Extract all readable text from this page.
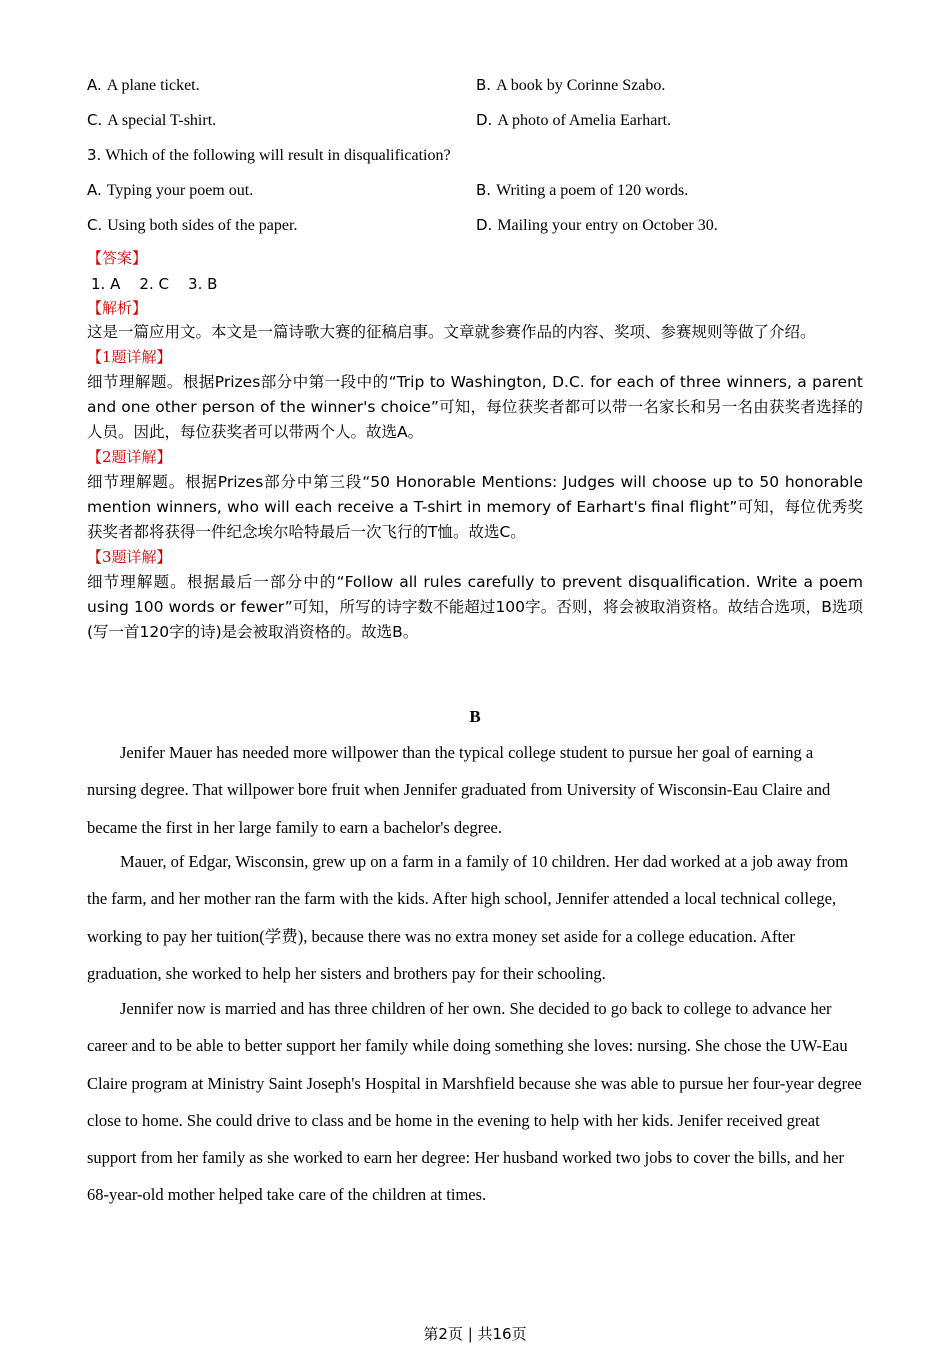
A. A plane ticket.	B. A book by Corinne Szabo.
C. A special T-shirt.	D. A photo of Amelia Earhart.
3. Which of the following will result in disqualification?
A. Typing your poem out.	B. Writing a poem of 120 words.
C. Using both sides of the paper.	D. Mailing your entry on October 30.
【答案】
1. A    2. C    3. B
【解析】
这是一篇应用文。本文是一篇诗歌大赛的征稿启事。文章就参赛作品的内容、奖项、参赛规则等做了介绍。
【1题详解】
细节理解题。根据Prizes部分中第一段中的“Trip to Washington, D.C. for each of three winners, a parent and one other person of the winner's choice”可知，每位获奖者都可以带一名家长和另一名由获奖者选择的人员。因此，每位获奖者可以带两个人。故选A。
【2题详解】
细节理解题。根据Prizes部分中第三段“50 Honorable Mentions: Judges will choose up to 50 honorable mention winners, who will each receive a T-shirt in memory of Earhart's final flight”可知，每位优秀奖获奖者都将获得一件纪念埃尔哈特最后一次飞行的T恤。故选C。
【3题详解】
细节理解题。根据最后一部分中的“Follow all rules carefully to prevent disqualification. Write a poem using 100 words or fewer”可知，所写的诗字数不能超过100字。否则，将会被取消资格。故结合选项，B选项(写一首120字的诗)是会被取消资格的。故选B。
B

Jenifer Mauer has needed more willpower than the typical college student to pursue her goal of earning a nursing degree. That willpower bore fruit when Jennifer graduated from University of Wisconsin-Eau Claire and became the first in her large family to earn a bachelor's degree.

Mauer, of Edgar, Wisconsin, grew up on a farm in a family of 10 children. Her dad worked at a job away from the farm, and her mother ran the farm with the kids. After high school, Jennifer attended a local technical college, working to pay her tuition(学费), because there was no extra money set aside for a college education. After graduation, she worked to help her sisters and brothers pay for their schooling.

Jennifer now is married and has three children of her own. She decided to go back to college to advance her career and to be able to better support her family while doing something she loves: nursing. She chose the UW-Eau Claire program at Ministry Saint Joseph's Hospital in Marshfield because she was able to pursue her four-year degree close to home. She could drive to class and be home in the evening to help with her kids. Jenifer received great support from her family as she worked to earn her degree: Her husband worked two jobs to cover the bills, and her 68-year-old mother helped take care of the children at times.

第2页 | 共16页
